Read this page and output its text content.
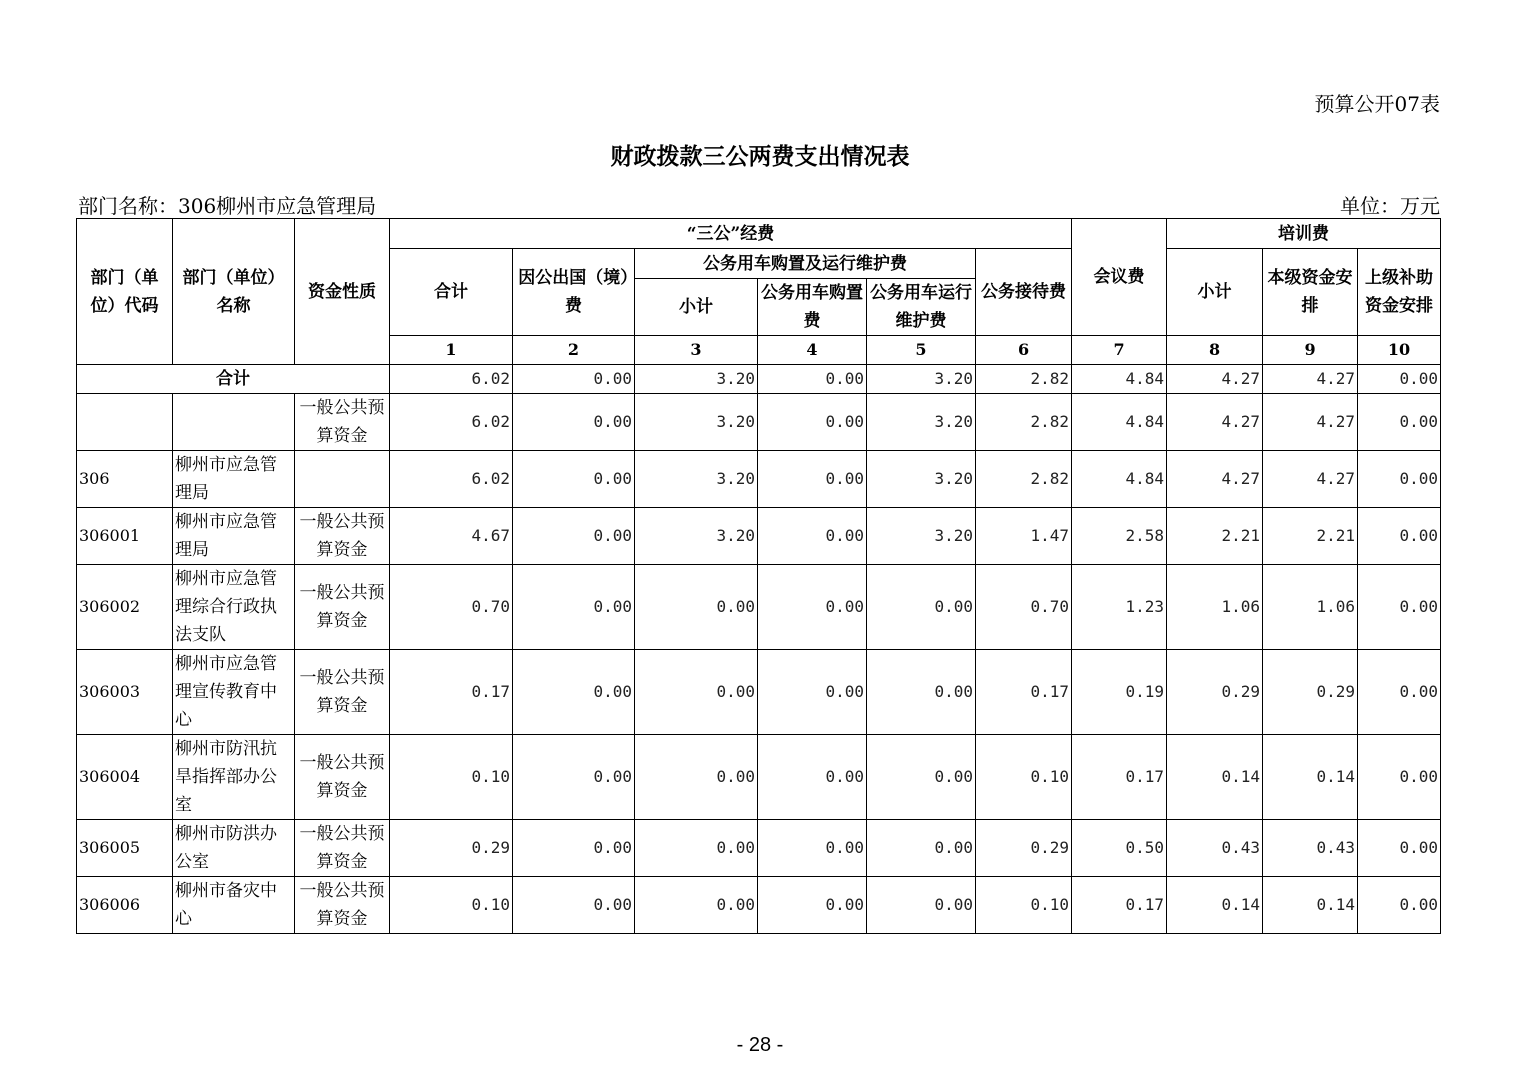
预算公开07表
财政拨款三公两费支出情况表
部门名称：306柳州市应急管理局	单位：万元
部门（单位）代码	部门（单位）名称	资金性质	“三公”经费						会议费	培训费		
			合计	因公出国（境）费	公务用车购置及运行维护费			公务接待费		小计	本级资金安排	上级补助资金安排
					小计	公务用车购置费	公务用车运行维护费					
			1	2	3	4	5	6	7	8	9	10
合计			6.02	0.00	3.20	0.00	3.20	2.82	4.84	4.27	4.27	0.00
		一般公共预算资金	6.02	0.00	3.20	0.00	3.20	2.82	4.84	4.27	4.27	0.00
306	柳州市应急管理局		6.02	0.00	3.20	0.00	3.20	2.82	4.84	4.27	4.27	0.00
306001	柳州市应急管理局	一般公共预算资金	4.67	0.00	3.20	0.00	3.20	1.47	2.58	2.21	2.21	0.00
306002	柳州市应急管理综合行政执法支队	一般公共预算资金	0.70	0.00	0.00	0.00	0.00	0.70	1.23	1.06	1.06	0.00
306003	柳州市应急管理宣传教育中心	一般公共预算资金	0.17	0.00	0.00	0.00	0.00	0.17	0.19	0.29	0.29	0.00
306004	柳州市防汛抗旱指挥部办公室	一般公共预算资金	0.10	0.00	0.00	0.00	0.00	0.10	0.17	0.14	0.14	0.00
306005	柳州市防洪办公室	一般公共预算资金	0.29	0.00	0.00	0.00	0.00	0.29	0.50	0.43	0.43	0.00
306006	柳州市备灾中心	一般公共预算资金	0.10	0.00	0.00	0.00	0.00	0.10	0.17	0.14	0.14	0.00
- 28 -
